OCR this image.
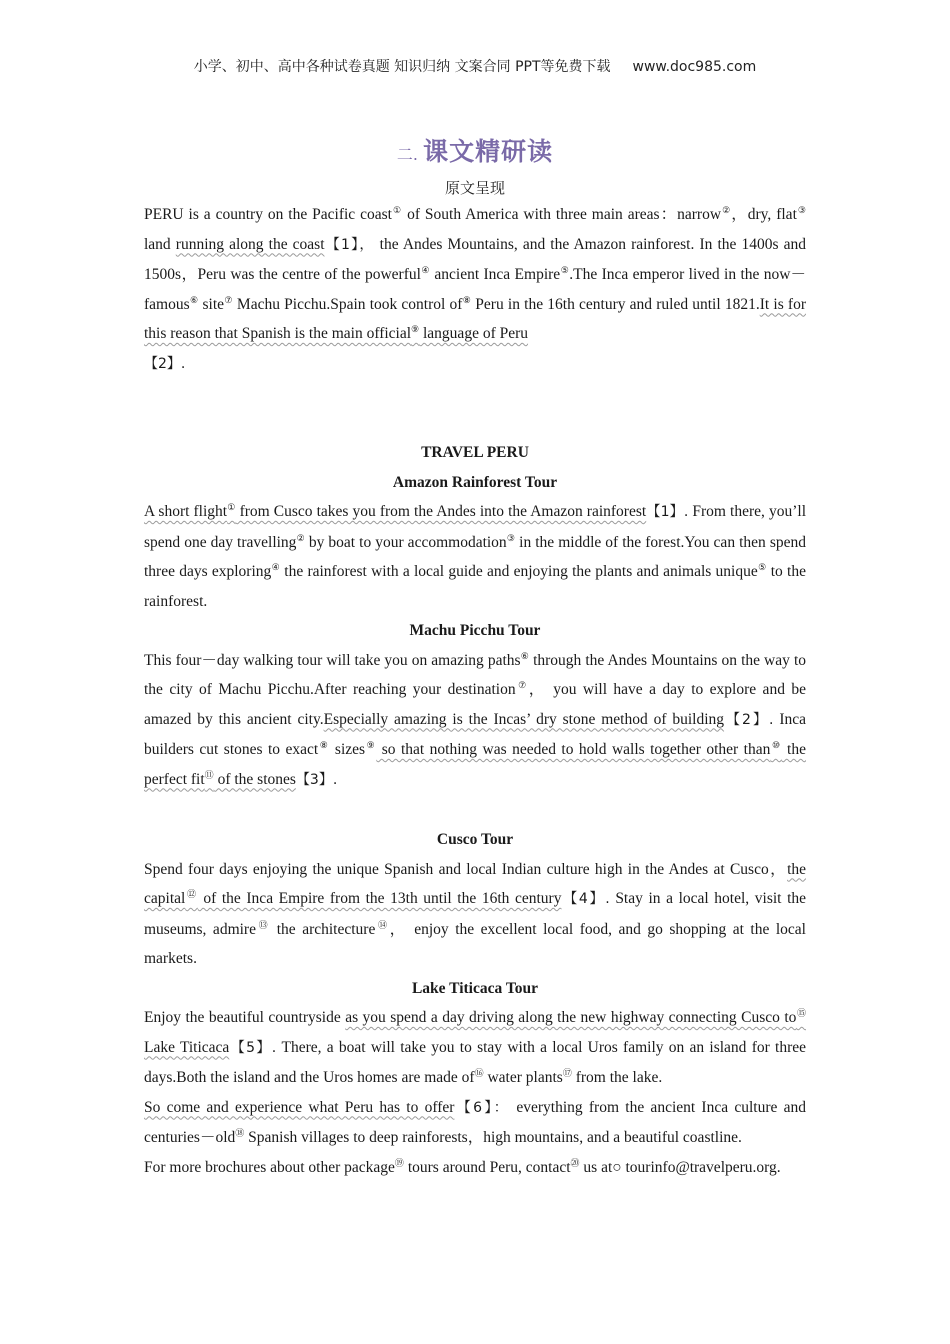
小学、初中、高中各种试卷真题 知识归纳 文案合同 PPT等免费下载 www.doc985.com
二. 课文精研读
原文呈现

PERU is a country on the Pacific coast① of South America with three main areas：narrow②，dry, flat③ land running along the coast【1】， the Andes Mountains, and the Amazon rainforest. In the 1400s and 1500s，Peru was the centre of the powerful④ ancient Inca Empire⑤.The Inca emperor lived in the now－famous⑥ site⑦ Machu Picchu.Spain took control of⑧ Peru in the 16th century and ruled until 1821.It is for this reason that Spanish is the main official⑨ language of Peru
【2】.

TRAVEL PERU
Amazon Rainforest Tour

A short flight① from Cusco takes you from the Andes into the Amazon rainforest【1】. From there, you’ll spend one day travelling② by boat to your accommodation③ in the middle of the forest.You can then spend three days exploring④ the rainforest with a local guide and enjoying the plants and animals unique⑤ to the rainforest.

Machu Picchu Tour

This four－day walking tour will take you on amazing paths⑥ through the Andes Mountains on the way to the city of Machu Picchu.After reaching your destination⑦， you will have a day to explore and be amazed by this ancient city.Especially amazing is the Incas’ dry stone method of building【2】. Inca builders cut stones to exact⑧ sizes⑨ so that nothing was needed to hold walls together other than⑩ the perfect fit⑪ of the stones【3】.

Cusco Tour

Spend four days enjoying the unique Spanish and local Indian culture high in the Andes at Cusco，the capital⑫ of the Inca Empire from the 13th until the 16th century【4】. Stay in a local hotel, visit the museums, admire⑬ the architecture⑭， enjoy the excellent local food, and go shopping at the local markets.

Lake Titicaca Tour

Enjoy the beautiful countryside as you spend a day driving along the new highway connecting Cusco to⑮ Lake Titicaca【5】. There, a boat will take you to stay with a local Uros family on an island for three days.Both the island and the Uros homes are made of⑯ water plants⑰ from the lake.

So come and experience what Peru has to offer【6】： everything from the ancient Inca culture and centuries－old⑱ Spanish villages to deep rainforests，high mountains, and a beautiful coastline.

For more brochures about other package⑲ tours around Peru, contact⑳ us at○ tourinfo@travelperu.org.
